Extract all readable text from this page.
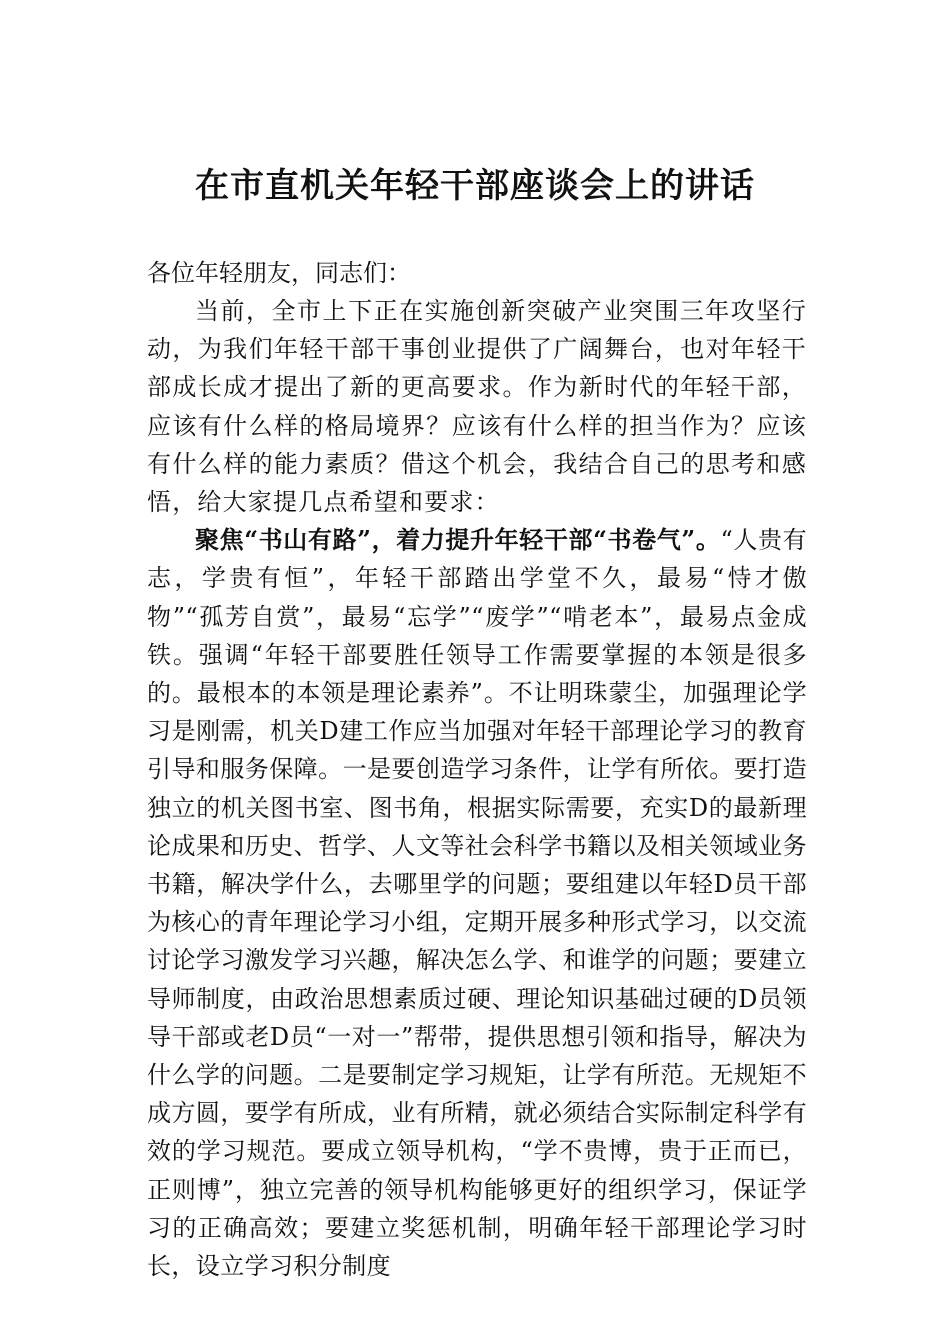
在市直机关年轻干部座谈会上的讲话

各位年轻朋友，同志们：

当前，全市上下正在实施创新突破产业突围三年攻坚行动，为我们年轻干部干事创业提供了广阔舞台，也对年轻干部成长成才提出了新的更高要求。作为新时代的年轻干部，应该有什么样的格局境界？应该有什么样的担当作为？应该有什么样的能力素质？借这个机会，我结合自己的思考和感悟，给大家提几点希望和要求：

聚焦“书山有路”，着力提升年轻干部“书卷气”。“人贵有志，学贵有恒”，年轻干部踏出学堂不久，最易“恃才傲物”“孤芳自赏”，最易“忘学”“废学”“啃老本”，最易点金成铁。强调“年轻干部要胜任领导工作需要掌握的本领是很多的。最根本的本领是理论素养”。不让明珠蒙尘，加强理论学习是刚需，机关D建工作应当加强对年轻干部理论学习的教育引导和服务保障。一是要创造学习条件，让学有所依。要打造独立的机关图书室、图书角，根据实际需要，充实D的最新理论成果和历史、哲学、人文等社会科学书籍以及相关领域业务书籍，解决学什么，去哪里学的问题；要组建以年轻D员干部为核心的青年理论学习小组，定期开展多种形式学习，以交流讨论学习激发学习兴趣，解决怎么学、和谁学的问题；要建立导师制度，由政治思想素质过硬、理论知识基础过硬的D员领导干部或老D员“一对一”帮带，提供思想引领和指导，解决为什么学的问题。二是要制定学习规矩，让学有所范。无规矩不成方圆，要学有所成，业有所精，就必须结合实际制定科学有效的学习规范。要成立领导机构，“学不贵博，贵于正而已，正则博”，独立完善的领导机构能够更好的组织学习，保证学习的正确高效；要建立奖惩机制，明确年轻干部理论学习时长，设立学习积分制度
